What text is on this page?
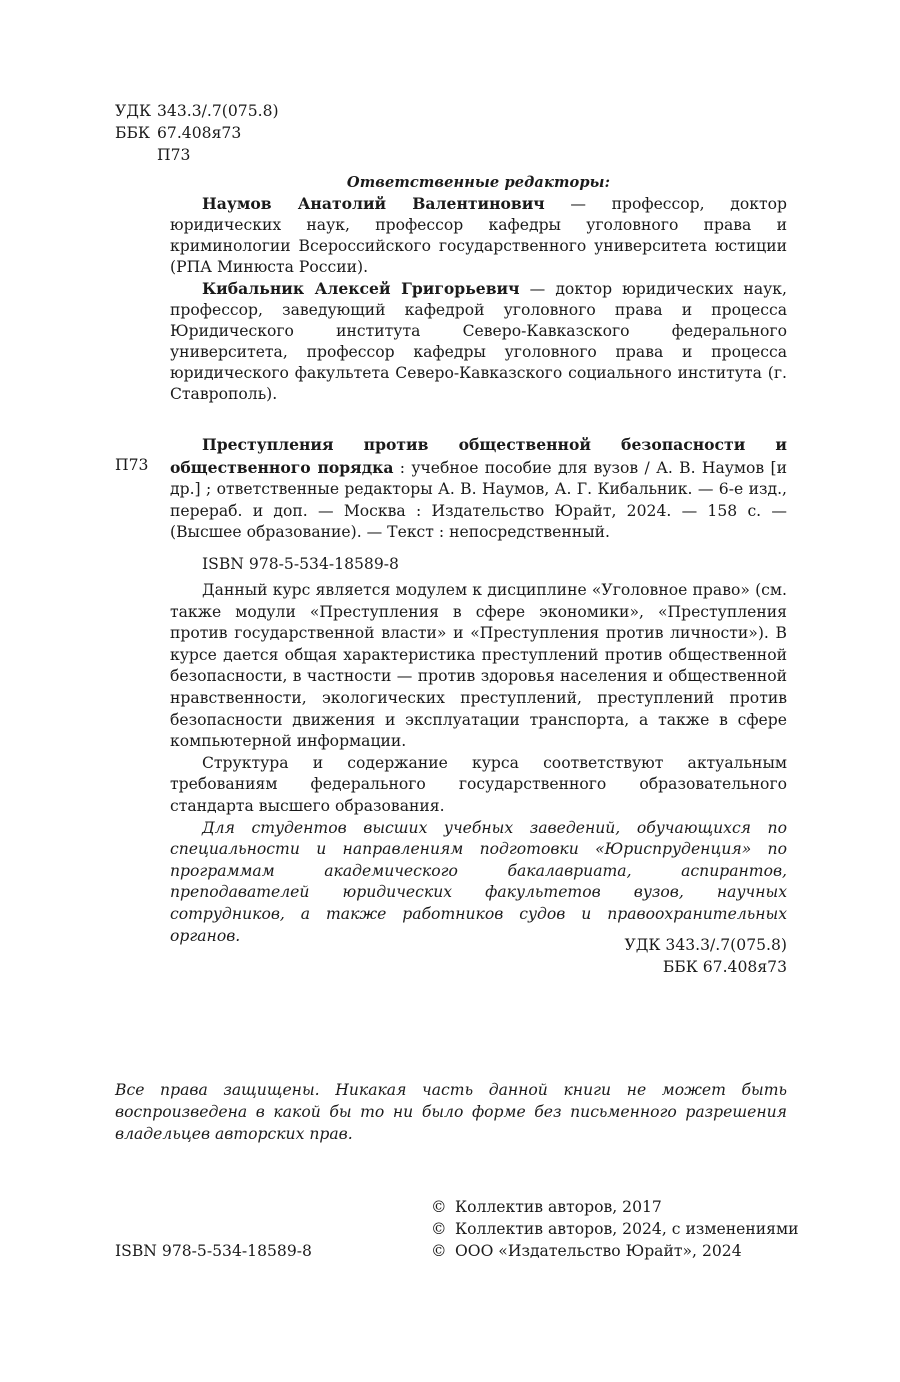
УДК 343.3/.7(075.8)
ББК 67.408я73
П73
Ответственные редакторы:

Наумов Анатолий Валентинович — профессор, доктор юридических наук, профессор кафедры уголовного права и криминологии Всероссийского государственного университета юстиции (РПА Минюста России).

Кибальник Алексей Григорьевич — доктор юридических наук, профессор, заведующий кафедрой уголовного права и процесса Юридического института Северо-Кавказского федерального университета, профессор кафедры уголовного права и процесса юридического факультета Северо-Кавказского социального института (г. Ставрополь).

П73

Преступления против общественной безопасности и общественного порядка : учебное пособие для вузов / А. В. Наумов [и др.] ; ответственные редакторы А. В. Наумов, А. Г. Кибальник. — 6-е изд., перераб. и доп. — Москва : Издательство Юрайт, 2024. — 158 с. — (Высшее образование). — Текст : непосредственный.

ISBN 978-5-534-18589-8

Данный курс является модулем к дисциплине «Уголовное право» (см. также модули «Преступления в сфере экономики», «Преступления против государственной власти» и «Преступления против личности»). В курсе дается общая характеристика преступлений против общественной безопасности, в частности — против здоровья населения и общественной нравственности, экологических преступлений, преступлений против безопасности движения и эксплуатации транспорта, а также в сфере компьютерной информации.

Структура и содержание курса соответствуют актуальным требованиям федерального государственного образовательного стандарта высшего образования.

Для студентов высших учебных заведений, обучающихся по специальности и направлениям подготовки «Юриспруденция» по программам академического бакалавриата, аспирантов, преподавателей юридических факультетов вузов, научных сотрудников, а также работников судов и правоохранительных органов.

УДК 343.3/.7(075.8)
ББК 67.408я73
Все права защищены. Никакая часть данной книги не может быть воспроизведена в какой бы то ни было форме без письменного разрешения владельцев авторских прав.
© Коллектив авторов, 2017
© Коллектив авторов, 2024, с изменениями
© ООО «Издательство Юрайт», 2024
ISBN 978-5-534-18589-8
